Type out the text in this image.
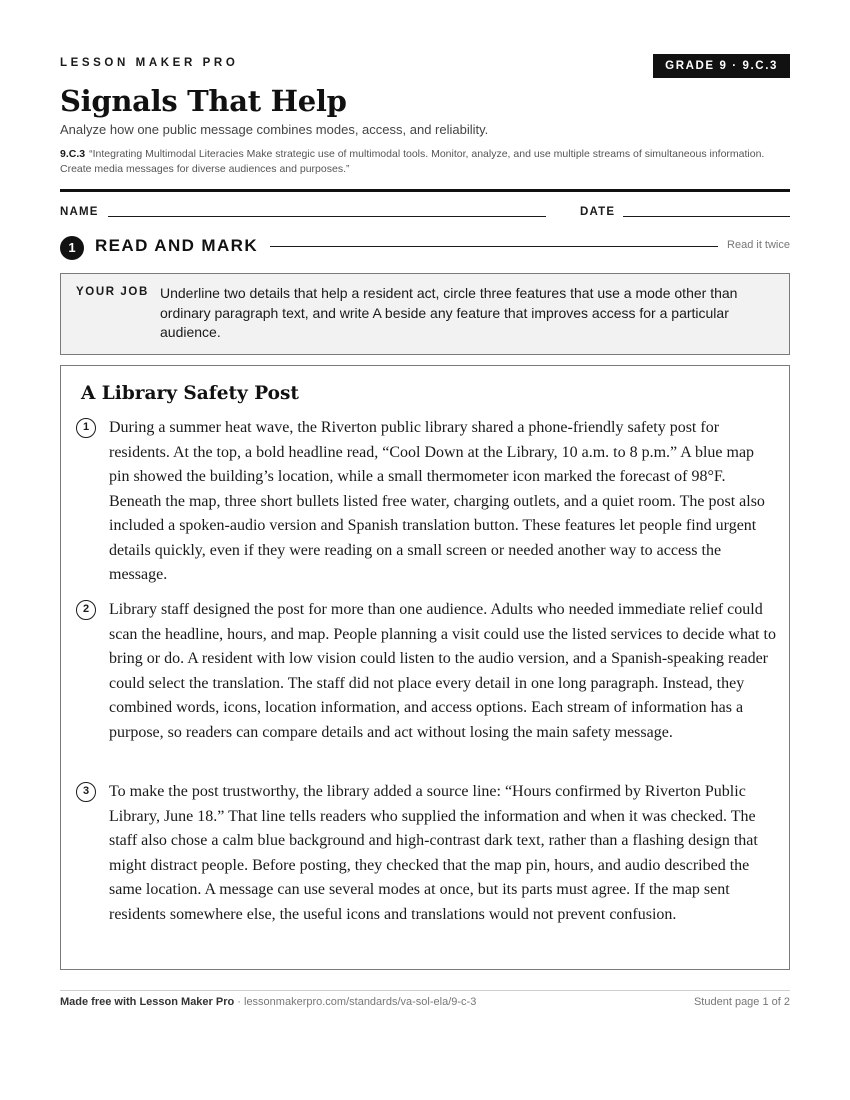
LESSON MAKER PRO	GRADE 9 · 9.C.3
Signals That Help
Analyze how one public message combines modes, access, and reliability.
9.C.3 “Integrating Multimodal Literacies Make strategic use of multimodal tools. Monitor, analyze, and use multiple streams of simultaneous information. Create media messages for diverse audiences and purposes.”
NAME	DATE
1	READ AND MARK	Read it twice
YOUR JOB Underline two details that help a resident act, circle three features that use a mode other than ordinary paragraph text, and write A beside any feature that improves access for a particular audience.
A Library Safety Post
1	During a summer heat wave, the Riverton public library shared a phone-friendly safety post for residents. At the top, a bold headline read, “Cool Down at the Library, 10 a.m. to 8 p.m.” A blue map pin showed the building’s location, while a small thermometer icon marked the forecast of 98°F. Beneath the map, three short bullets listed free water, charging outlets, and a quiet room. The post also included a spoken-audio version and Spanish translation button. These features let people find urgent details quickly, even if they were reading on a small screen or needed another way to access the message.

2	Library staff designed the post for more than one audience. Adults who needed immediate relief could scan the headline, hours, and map. People planning a visit could use the listed services to decide what to bring or do. A resident with low vision could listen to the audio version, and a Spanish-speaking reader could select the translation. The staff did not place every detail in one long paragraph. Instead, they combined words, icons, location information, and access options. Each stream of information has a purpose, so readers can compare details and act without losing the main safety message.

3	To make the post trustworthy, the library added a source line: “Hours confirmed by Riverton Public Library, June 18.” That line tells readers who supplied the information and when it was checked. The staff also chose a calm blue background and high-contrast dark text, rather than a flashing design that might distract people. Before posting, they checked that the map pin, hours, and audio described the same location. A message can use several modes at once, but its parts must agree. If the map sent residents somewhere else, the useful icons and translations would not prevent confusion.

Made free with Lesson Maker Pro · lessonmakerpro.com/standards/va-sol-ela/9-c-3	Student page 1 of 2
